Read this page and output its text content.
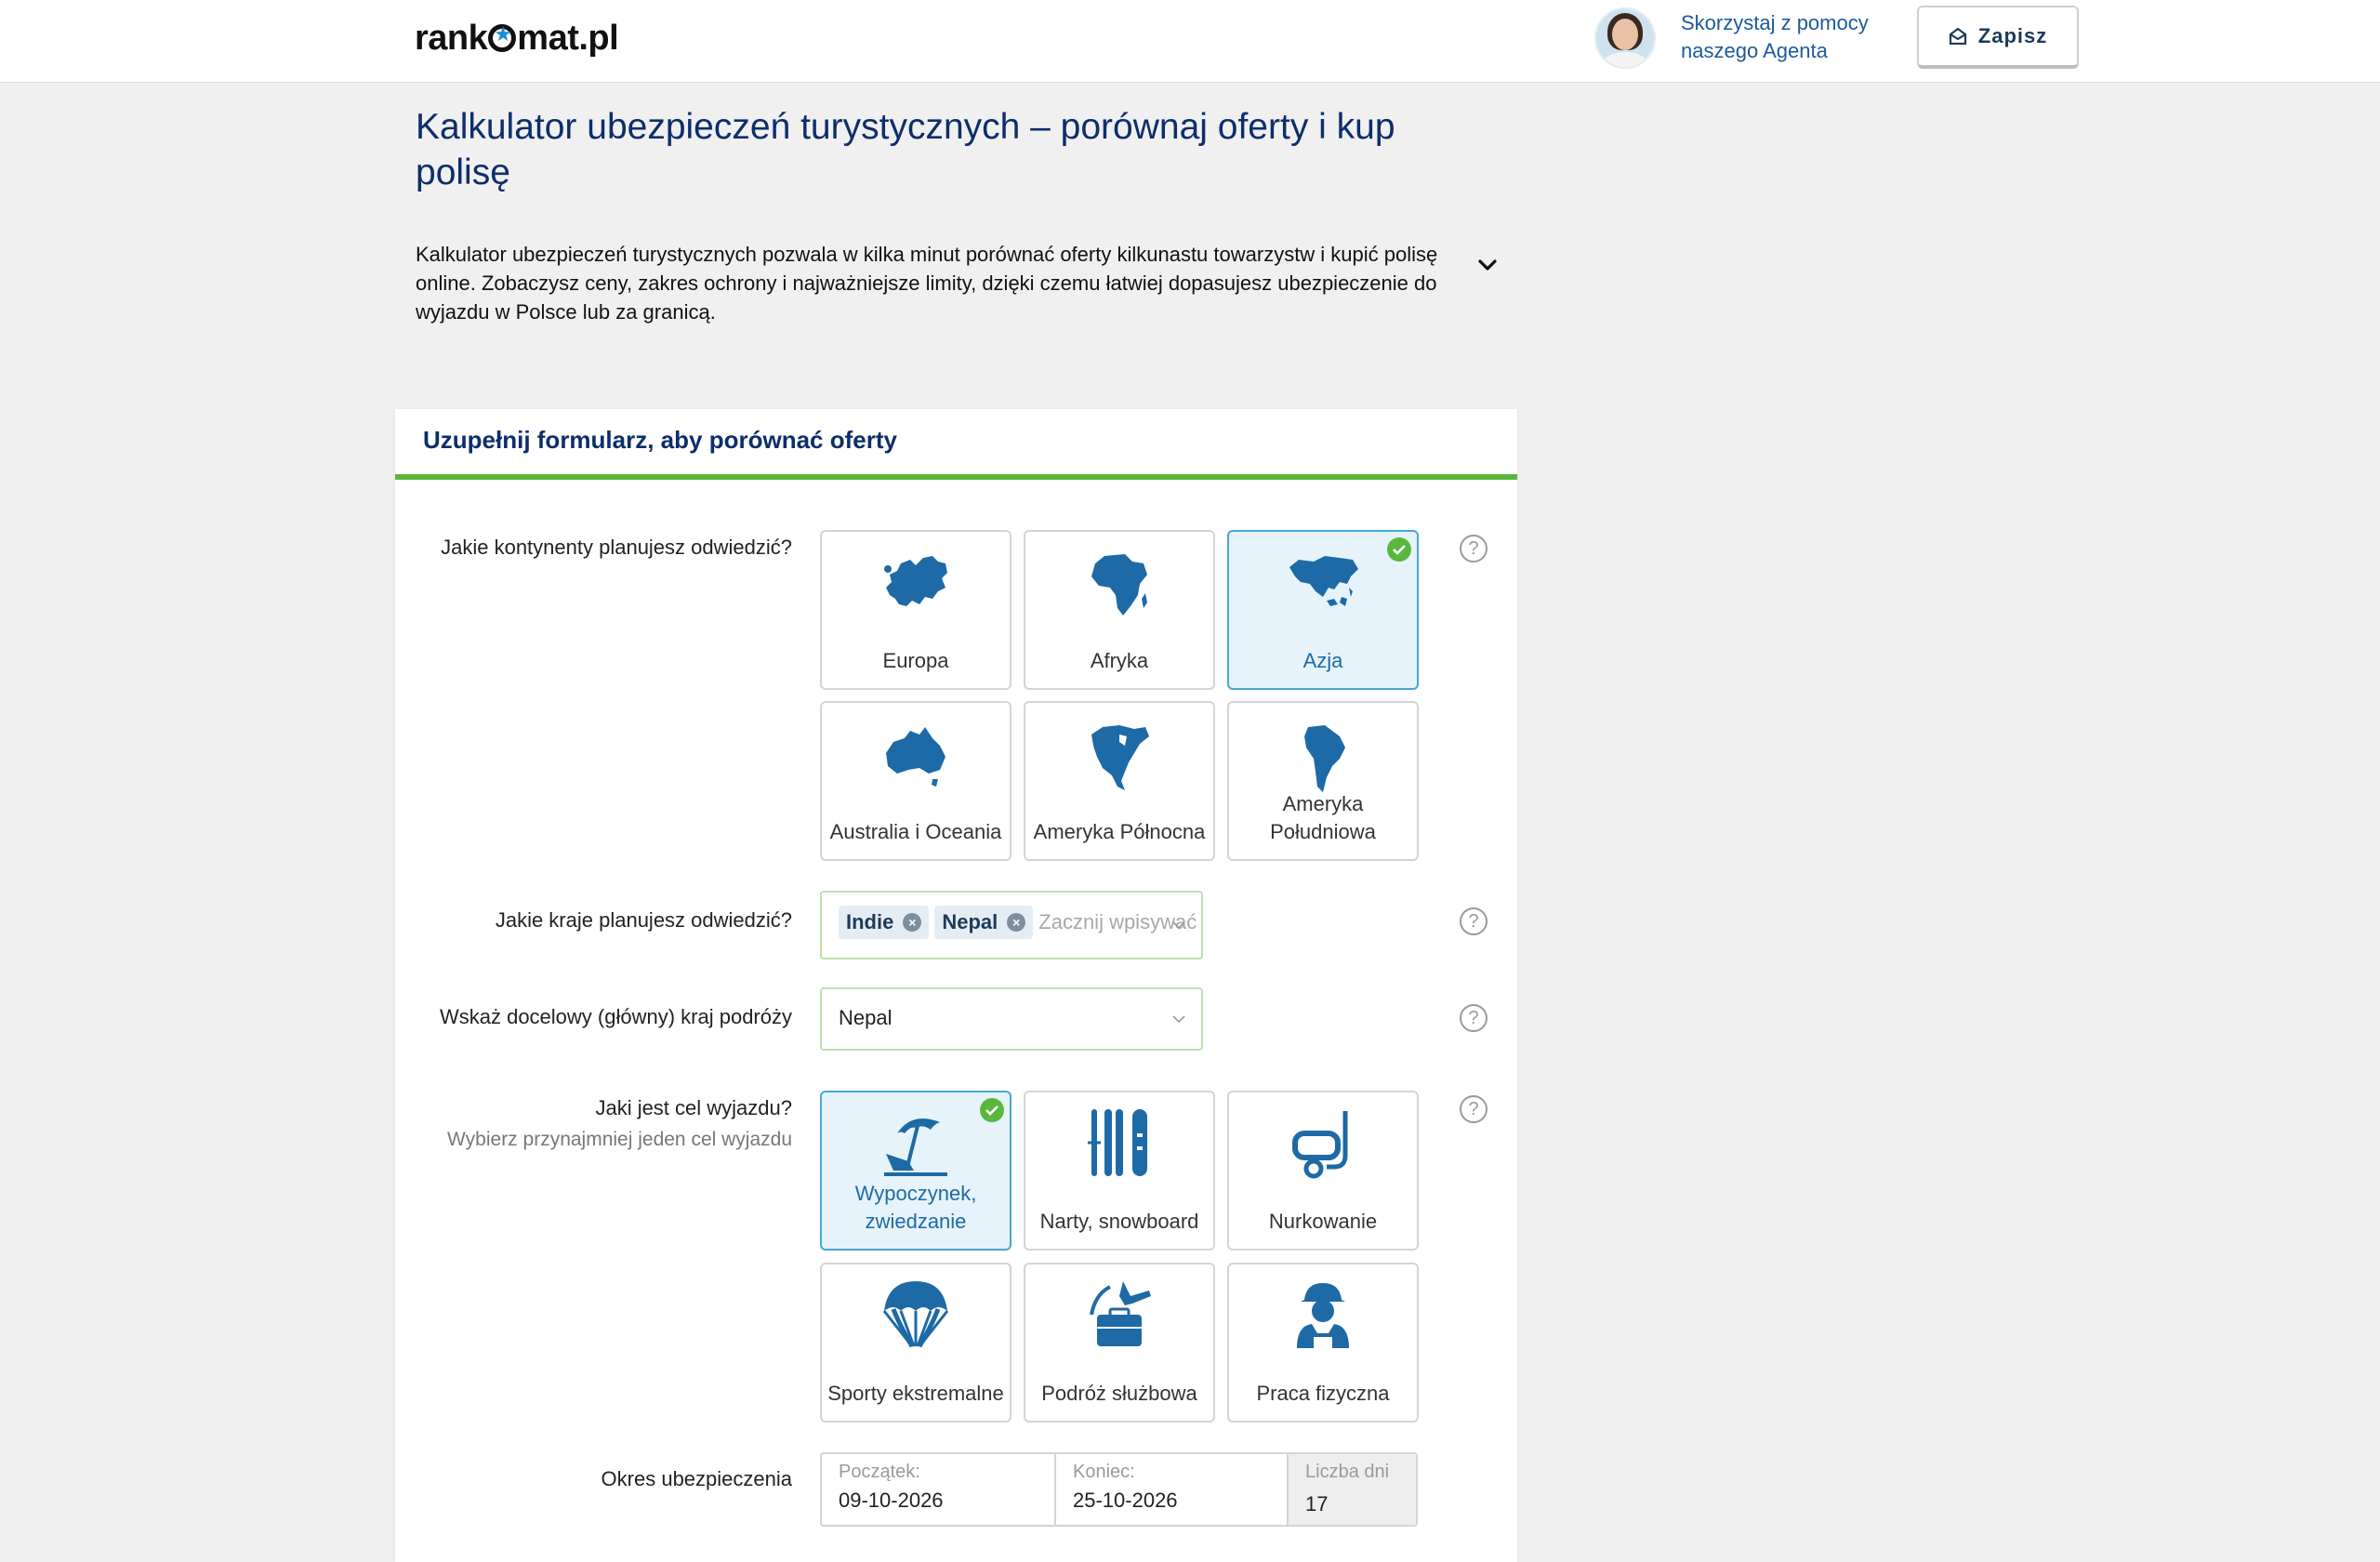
rank★ mat.pl	Skorzystaj z pomocy
naszego Agenta
Zapisz
Kalkulator ubezpieczeń turystycznych – porównaj oferty i kup polisę
Kalkulator ubezpieczeń turystycznych pozwala w kilka minut porównać oferty kilkunastu towarzystw i kupić polisę online. Zobaczysz ceny, zakres ochrony i najważniejsze limity, dzięki czemu łatwiej dopasujesz ubezpieczenie do wyjazdu w Polsce lub za granicą.
Uzupełnij formularz, aby porównać oferty
Jakie kontynenty planujesz odwiedzić?	?
Europa	Afryka	Azja
Australia i Oceania Ameryka Północna
Ameryka Południowa
Jakie kraje planujesz odwiedzić?	Indie	× Nepal	× Zacznij wpisywać	?
Wskaż docelowy (główny) kraj podróży	Nepal	?
Jaki jest cel wyjazdu?
Wybierz przynajmniej jeden cel wyjazdu
?
Wypoczynek, zwiedzanie	Narty, snowboard	Nurkowanie
Sporty ekstremalne	Podróż służbowa	Praca fizyczna
Okres ubezpieczenia	Początek:
09-10-2026
Koniec:
25-10-2026
Liczba dni
17
